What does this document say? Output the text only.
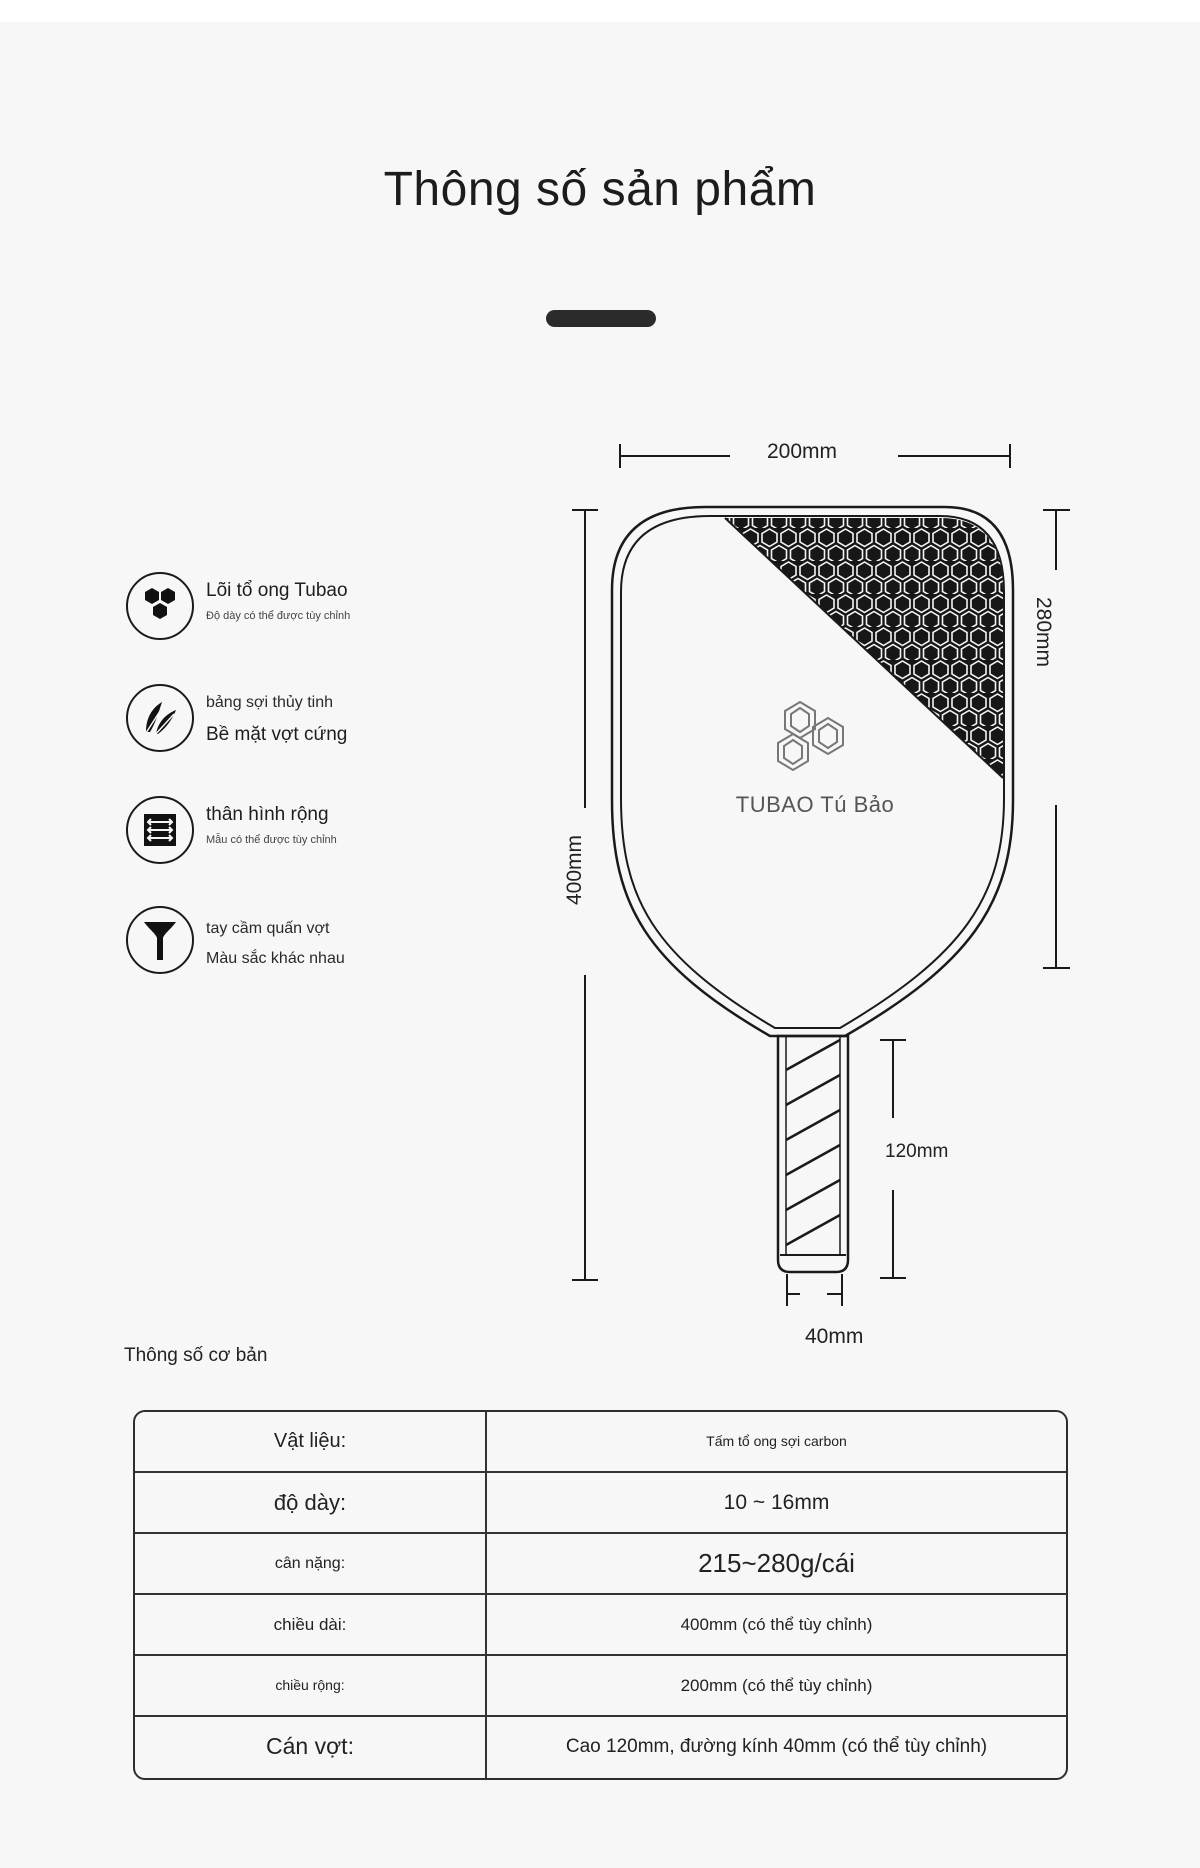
Thông số sản phẩm
Lõi tổ ong Tubao
Độ dày có thể được tùy chỉnh
bảng sợi thủy tinh
Bề mặt vợt cứng
thân hình rộng
Mẫu có thể được tùy chỉnh
tay cầm quấn vợt
Màu sắc khác nhau
200mm
280mm
400mm
120mm
40mm
TUBAO Tú Bảo
Thông số cơ bản
Vật liệu:	Tấm tổ ong sợi carbon
độ dày:	10 ~ 16mm
cân nặng:	215~280g/cái
chiều dài:	400mm (có thể tùy chỉnh)
chiều rộng:	200mm (có thể tùy chỉnh)
Cán vợt:	Cao 120mm, đường kính 40mm (có thể tùy chỉnh)
